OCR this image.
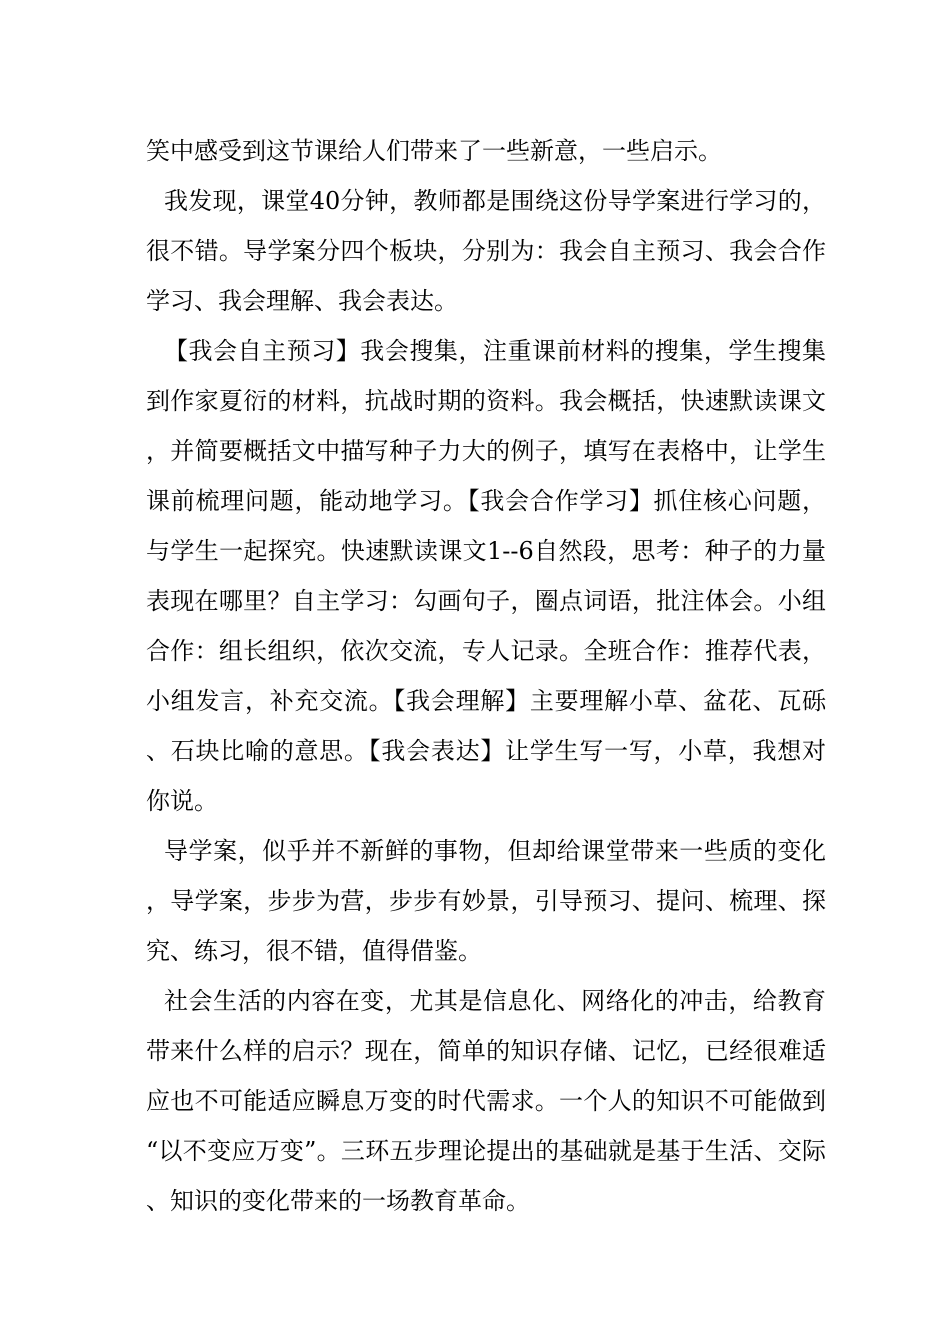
笑中感受到这节课给人们带来了一些新意，一些启示。

我发现，课堂40分钟，教师都是围绕这份导学案进行学习的，很不错。导学案分四个板块，分别为：我会自主预习、我会合作学习、我会理解、我会表达。

【我会自主预习】我会搜集，注重课前材料的搜集，学生搜集到作家夏衍的材料，抗战时期的资料。我会概括，快速默读课文，并简要概括文中描写种子力大的例子，填写在表格中，让学生课前梳理问题，能动地学习。【我会合作学习】抓住核心问题，与学生一起探究。快速默读课文1--6自然段，思考：种子的力量表现在哪里？自主学习：勾画句子，圈点词语，批注体会。小组合作：组长组织，依次交流，专人记录。全班合作：推荐代表，小组发言，补充交流。【我会理解】主要理解小草、盆花、瓦砾、石块比喻的意思。【我会表达】让学生写一写，小草，我想对你说。

导学案，似乎并不新鲜的事物，但却给课堂带来一些质的变化，导学案，步步为营，步步有妙景，引导预习、提问、梳理、探究、练习，很不错，值得借鉴。

社会生活的内容在变，尤其是信息化、网络化的冲击，给教育带来什么样的启示？现在，简单的知识存储、记忆，已经很难适应也不可能适应瞬息万变的时代需求。一个人的知识不可能做到“以不变应万变”。三环五步理论提出的基础就是基于生活、交际、知识的变化带来的一场教育革命。
